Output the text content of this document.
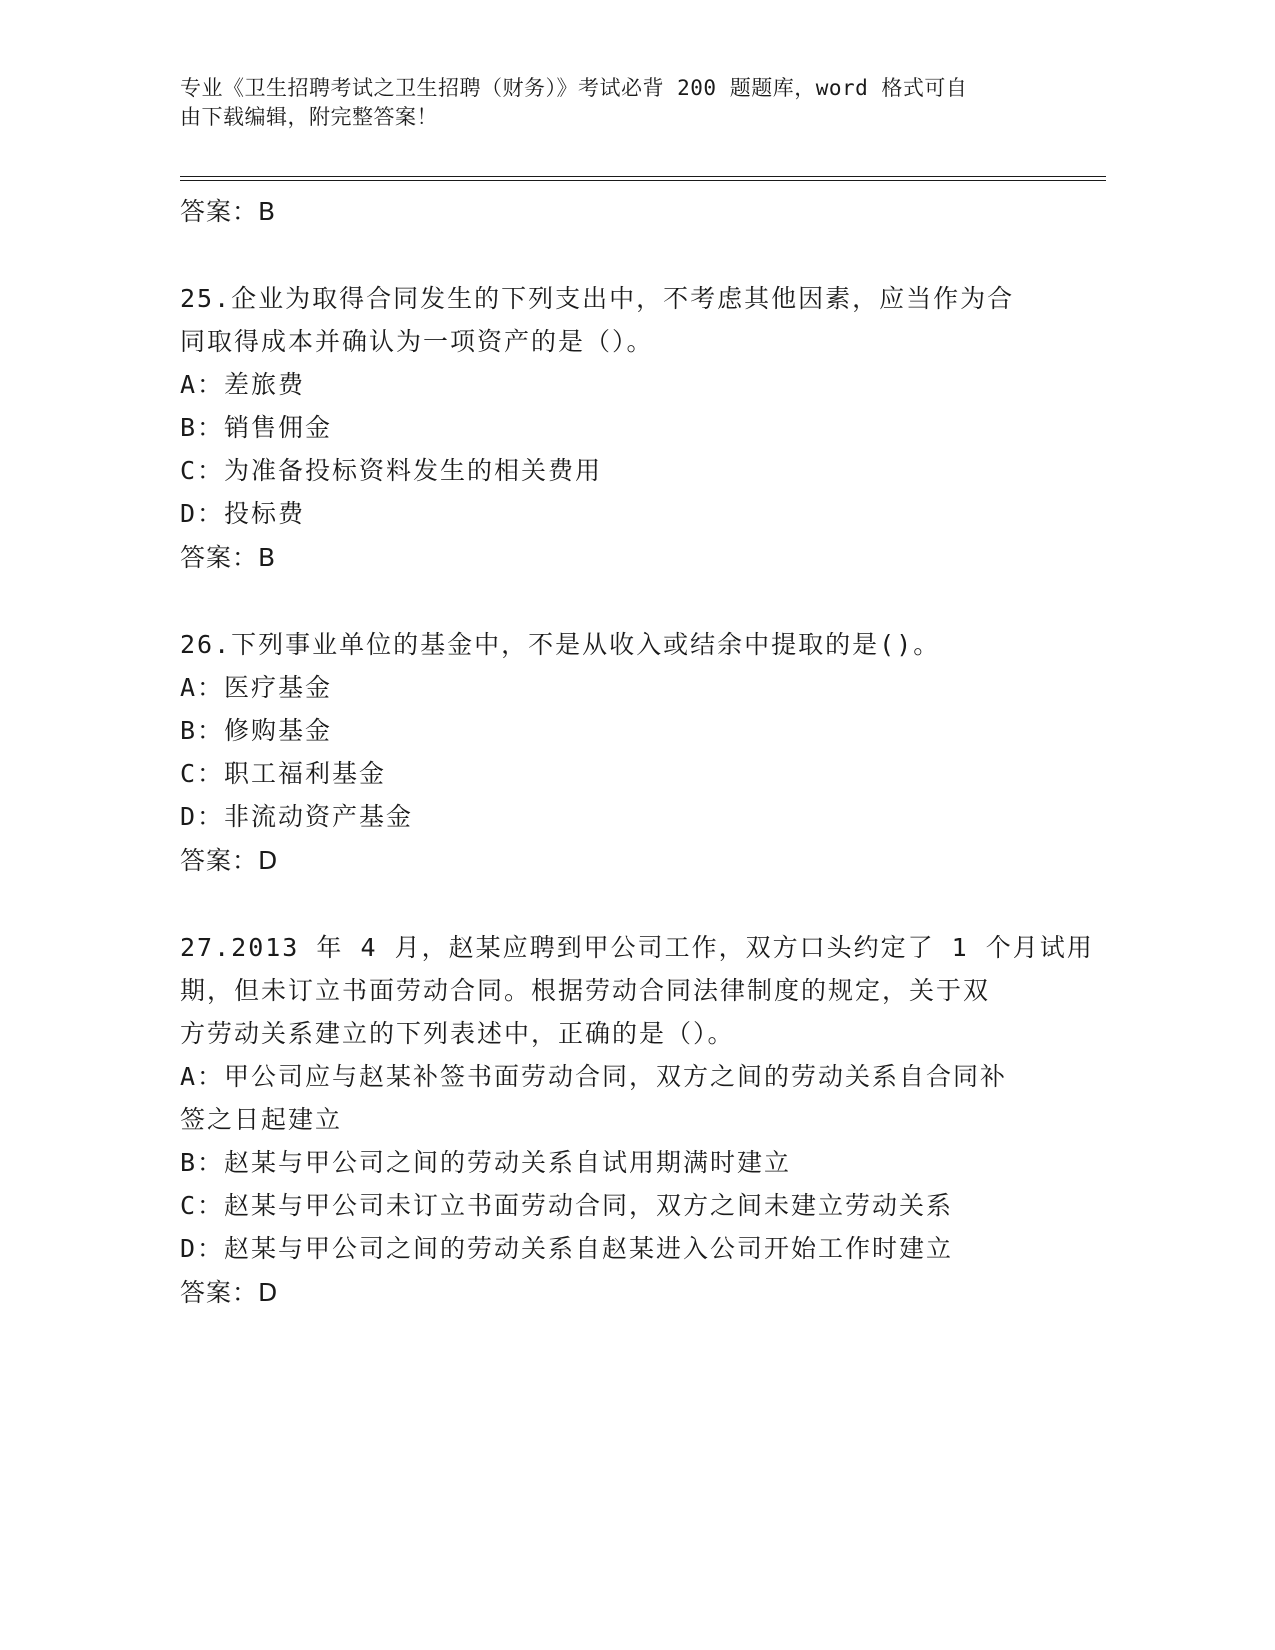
专业《卫生招聘考试之卫生招聘（财务）》考试必背 200 题题库，word 格式可自
由下载编辑，附完整答案！
答案：B
25.企业为取得合同发生的下列支出中，不考虑其他因素，应当作为合
同取得成本并确认为一项资产的是（）。
A：差旅费
B：销售佣金
C：为准备投标资料发生的相关费用
D：投标费
答案：B
26.下列事业单位的基金中，不是从收入或结余中提取的是()。
A：医疗基金
B：修购基金
C：职工福利基金
D：非流动资产基金
答案：D
27.2013 年 4 月，赵某应聘到甲公司工作，双方口头约定了 1 个月试用
期，但未订立书面劳动合同。根据劳动合同法律制度的规定，关于双
方劳动关系建立的下列表述中，正确的是（）。
A：甲公司应与赵某补签书面劳动合同，双方之间的劳动关系自合同补
签之日起建立
B：赵某与甲公司之间的劳动关系自试用期满时建立
C：赵某与甲公司未订立书面劳动合同，双方之间未建立劳动关系
D：赵某与甲公司之间的劳动关系自赵某进入公司开始工作时建立
答案：D
